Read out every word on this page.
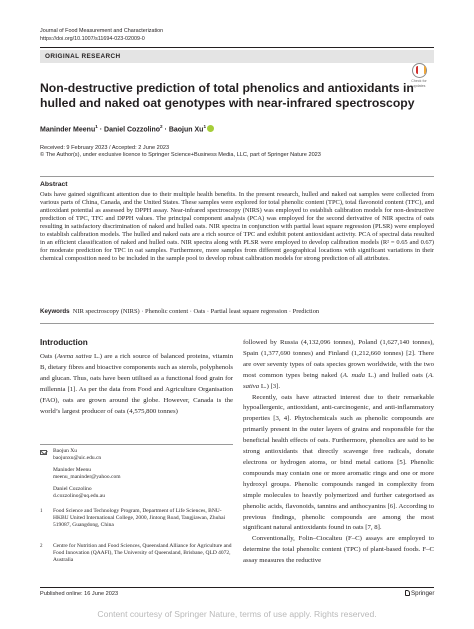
Journal of Food Measurement and Characterization
https://doi.org/10.1007/s11694-023-02009-0
ORIGINAL RESEARCH
Check for
updates
Non-destructive prediction of total phenolics and antioxidants in hulled and naked oat genotypes with near-infrared spectroscopy
Maninder Meenu$^1$ · Daniel Cozzolino$^2$ · Baojun Xu$^1$
Received: 9 February 2023 / Accepted: 2 June 2023
© The Author(s), under exclusive licence to Springer Science+Business Media, LLC, part of Springer Nature 2023
Abstract
Oats have gained significant attention due to their multiple health benefits. In the present research, hulled and naked oat samples were collected from various parts of China, Canada, and the United States. These samples were explored for total phenolic content (TPC), total flavonoid content (TFC), and antioxidant potential as assessed by DPPH assay. Near-infrared spectroscopy (NIRS) was employed to establish calibration models for non-destructive prediction of TPC, TFC and DPPH values. The principal component analysis (PCA) was employed for the second derivative of NIR spectra of oats resulting in satisfactory discrimination of naked and hulled oats. NIR spectra in conjunction with partial least square regression (PLSR) were employed to establish calibration models. The hulled and naked oats are a rich source of TPC and exhibit potent antioxidant activity. PCA of spectral data resulted in an efficient classification of naked and hulled oats. NIR spectra along with PLSR were employed to develop calibration models (R² = 0.65 and 0.67) for moderate prediction for TPC in oat samples. Furthermore, more samples from different geographical locations with significant variations in their chemical composition need to be included in the sample pool to develop robust calibration models for strong prediction of all attributes.
Keywords NIR spectroscopy (NIRS) · Phenolic content · Oats · Partial least square regression · Prediction
Introduction

Oats (Avena sativa L.) are a rich source of balanced proteins, vitamin B, dietary fibres and bioactive components such as sterols, polyphenols and glucan. Thus, oats have been utilised as a functional food grain for millennia [1]. As per the data from Food and Agriculture Organisation (FAO), oats are grown around the globe. However, Canada is the world’s largest producer of oats (4,575,800 tonnes)

Baojun Xu
baojunxu@uic.edu.cn
Maninder Meenu
meenu_maninder@yahoo.com
Daniel Cozzolino
d.cozzolino@uq.edu.au
1 Food Science and Technology Program, Department of Life Sciences, BNU-HKBU United International College, 2000, Jintong Road, Tangjiawan, Zhuhai 519087, Guangdong, China
2 Centre for Nutrition and Food Sciences, Queensland Alliance for Agriculture and Food Innovation (QAAFI), The University of Queensland, Brisbane, QLD 4072, Australia

followed by Russia (4,132,096 tonnes), Poland (1,627,140 tonnes), Spain (1,377,690 tonnes) and Finland (1,212,660 tonnes) [2]. There are over seventy types of oats species grown worldwide, with the two most common types being naked (A. nuda L.) and hulled oats (A. sativa L.) [3].

Recently, oats have attracted interest due to their remarkable hypoallergenic, antioxidant, anti-carcinogenic, and anti-inflammatory properties [3, 4]. Phytochemicals such as phenolic compounds are primarily present in the outer layers of grains and responsible for the beneficial health effects of oats. Furthermore, phenolics are said to be strong antioxidants that directly scavenge free radicals, donate electrons or hydrogen atoms, or bind metal cations [5]. Phenolic compounds may contain one or more aromatic rings and one or more hydroxyl groups. Phenolic compounds ranged in complexity from simple molecules to heavily polymerized and further categorised as phenolic acids, flavonoids, tannins and anthocyanins [6]. According to previous findings, phenolic compounds are among the most significant natural antioxidants found in oats [7, 8].

Conventionally, Folin–Ciocalteu (F–C) assays are employed to determine the total phenolic content (TPC) of plant-based foods. F–C assay measures the reductive

Published online: 16 June 2023	Springer
Content courtesy of Springer Nature, terms of use apply. Rights reserved.
